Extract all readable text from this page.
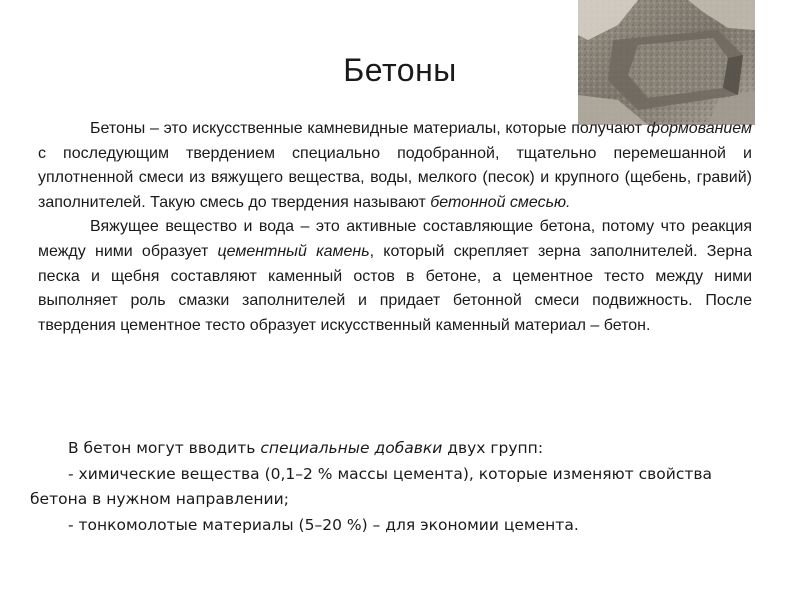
Бетоны

Бетоны – это искусственные камневидные материалы, которые получают формованием с последующим твердением специально подобранной, тщательно перемешанной и уплотненной смеси из вяжущего вещества, воды, мелкого (песок) и крупного (щебень, гравий) заполнителей. Такую смесь до твердения называют бетонной смесью.

Вяжущее вещество и вода – это активные составляющие бетона, потому что реакция между ними образует цементный камень, который скрепляет зерна заполнителей. Зерна песка и щебня составляют каменный остов в бетоне, а цементное тесто между ними выполняет роль смазки заполнителей и придает бетонной смеси подвижность. После твердения цементное тесто образует искусственный каменный материал – бетон.

В бетон могут вводить специальные добавки двух групп:

- химические вещества (0,1–2 % массы цемента), которые изменяют свойства бетона в нужном направлении;

- тонкомолотые материалы (5–20 %) – для экономии цемента.
